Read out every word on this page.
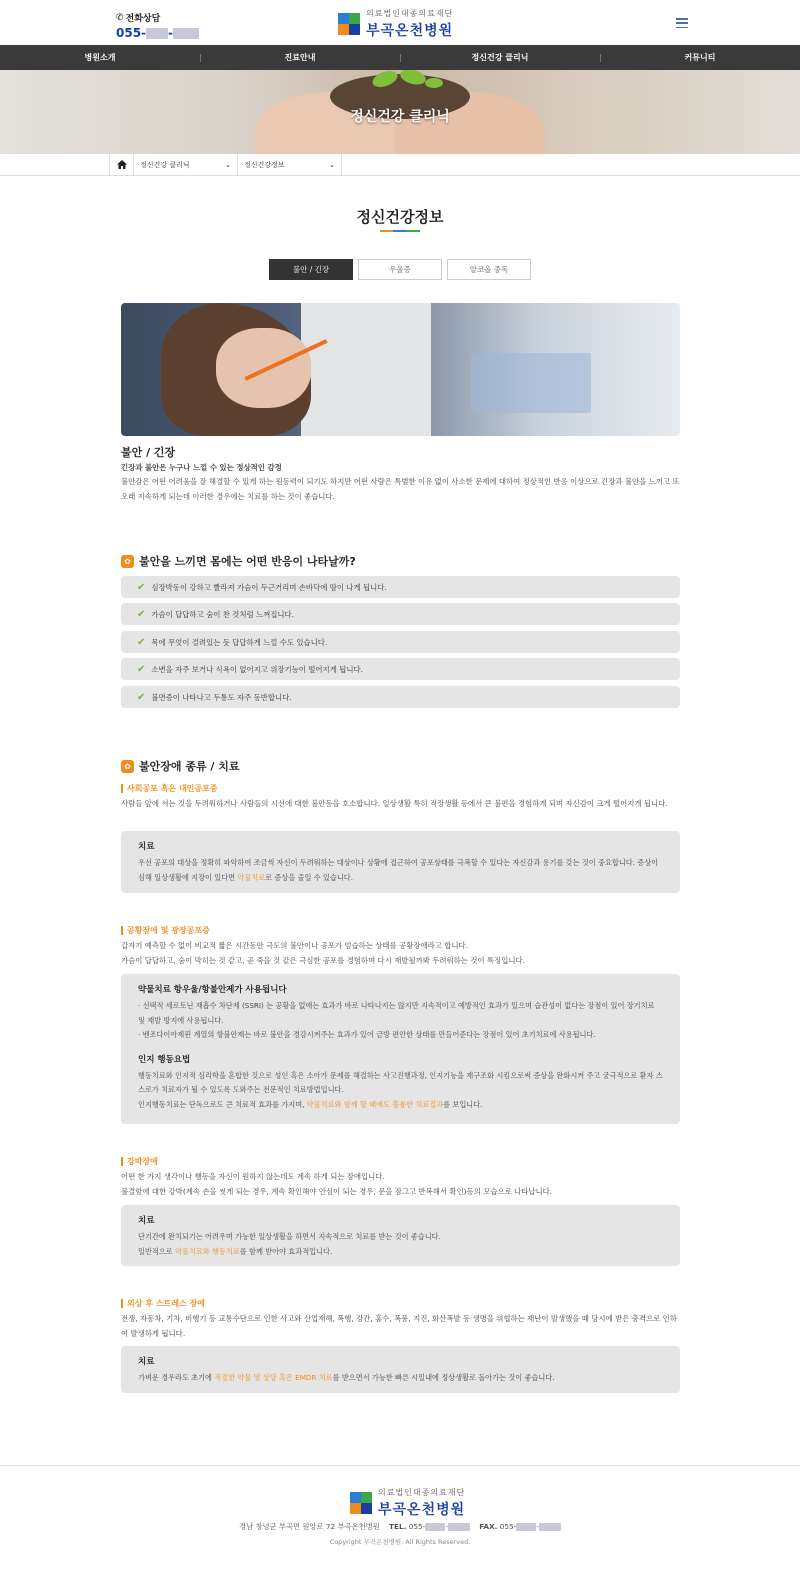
✆ 전화상담
055- -
의료법인대종의료재단
부곡온천병원
병원소개	진료안내	정신건강 클리닉	커뮤니티
정신건강 클리닉
정신건강 클리닉	⌄ 정신건강정보	⌄
정신건강정보
불안 / 긴장	우울증	알코올 중독
불안 / 긴장
긴장과 불안은 누구나 느낄 수 있는 정상적인 감정
불안감은 어떤 어려움을 잘 해결할 수 있게 하는 원동력이 되기도 하지만 어떤 사람은 특별한 이유 없이 사소한 문제에 대하여 정상적인 반응 이상으로 긴장과 불안을 느끼고 또 오래 지속하게 되는데 이러한 경우에는 치료를 하는 것이 좋습니다.
✿ 불안을 느끼면 몸에는 어떤 반응이 나타날까?
✔ 심장박동이 강하고 빨라져 가슴이 두근거리며 손바닥에 땀이 나게 됩니다.
✔ 가슴이 답답하고 숨이 찬 것처럼 느껴집니다.
✔ 목에 무엇이 걸려있는 듯 답답하게 느낄 수도 있습니다.
✔ 소변을 자주 보거나 식욕이 없어지고 위장기능이 떨어지게 됩니다.
✔ 불면증이 나타나고 두통도 자주 동반합니다.
✿ 불안장애 종류 / 치료
사회공포 혹은 대인공포증
사람들 앞에 서는 것을 두려워하거나 사람들의 시선에 대한 불안등을 호소합니다. 일상생활 특히 직장생활 등에서 큰 불편을 경험하게 되며 자신감이 크게 떨어지게 됩니다.
치료
우선 공포의 대상을 정확히 파악하여 조금씩 자신이 두려워하는 대상이나 상황에 접근하여 공포상태를 극복할 수 있다는 자신감과 용기를 갖는 것이 중요합니다. 증상이 심해 일상생활에 지장이 있다면 약물치료로 증상을 줄일 수 있습니다.
공황장애 및 광장공포증
갑자기 예측할 수 없이 비교적 짧은 시간동안 극도의 불안이나 공포가 엄습하는 상태를 공황장애라고 합니다.
가슴이 답답하고, 숨이 막히는 것 같고, 곧 죽을 것 같은 극심한 공포를 경험하며 다시 재발될까봐 두려워하는 것이 특징입니다.
약물치료 항우울/항불안제가 사용됩니다
· 선택적 세로토닌 재흡수 차단제 (SSRI) 는 공황을 없애는 효과가 바로 나타나지는 않지만 지속적이고 예방적인 효과가 있으며 습관성이 없다는 장점이 있어 장기치료 및 재발 방지에 사용됩니다.
· 벤조다이아제핀 계열의 항불안제는 바로 불안을 경감시켜주는 효과가 있어 금방 편안한 상태를 만들어준다는 장점이 있어 초기치료에 사용됩니다.
인지 행동요법
행동치료와 인지적 심리학을 혼합한 것으로 성인 혹은 소아가 문제를 해결하는 사고진행과정, 인지기능을 재구조화 시킴으로써 증상을 완화시켜 주고 궁극적으로 환자 스스로가 치료자가 될 수 있도록 도와주는 전문적인 치료방법입니다.
인지행동치료는 단독으로도 큰 치료적 효과를 가지며, 약물치료와 함께 할 때에도 훌륭한 치료결과를 보입니다.
강박장애
어떤 한 가지 생각이나 행동을 자신이 원하지 않는데도 계속 하게 되는 장애입니다.
불결함에 대한 강박(계속 손을 씻게 되는 경우, 계속 확인해야 안심이 되는 경우, 문을 잠그고 반복해서 확인)등의 모습으로 나타납니다.
치료
단기간에 완치되기는 어려우며 가능한 일상생활을 하면서 지속적으로 치료를 받는 것이 좋습니다.
일반적으로 약물치료와 행동치료를 함께 받아야 효과적입니다.
외상 후 스트레스 장애
전쟁, 자동차, 기차, 비행기 등 교통수단으로 인한 사고와 산업재해, 폭행, 강간, 홍수, 폭풍, 지진, 화산폭발 등 생명을 위협하는 재난이 발생했을 때 당시에 받은 충격으로 인하여 발생하게 됩니다.
치료
가벼운 경우라도 초기에 적절한 약물 및 상담 혹은 EMDR 치료를 받으면서 가능한 빠른 시일내에 정상생활로 돌아가는 것이 좋습니다.
의료법인대종의료재단
부곡온천병원
경남 창녕군 부곡면 원앙로 72 부곡온천병원 TEL. 055-	-	FAX. 055-	-
Copyright 부곡온천병원. All Rights Reserved.
